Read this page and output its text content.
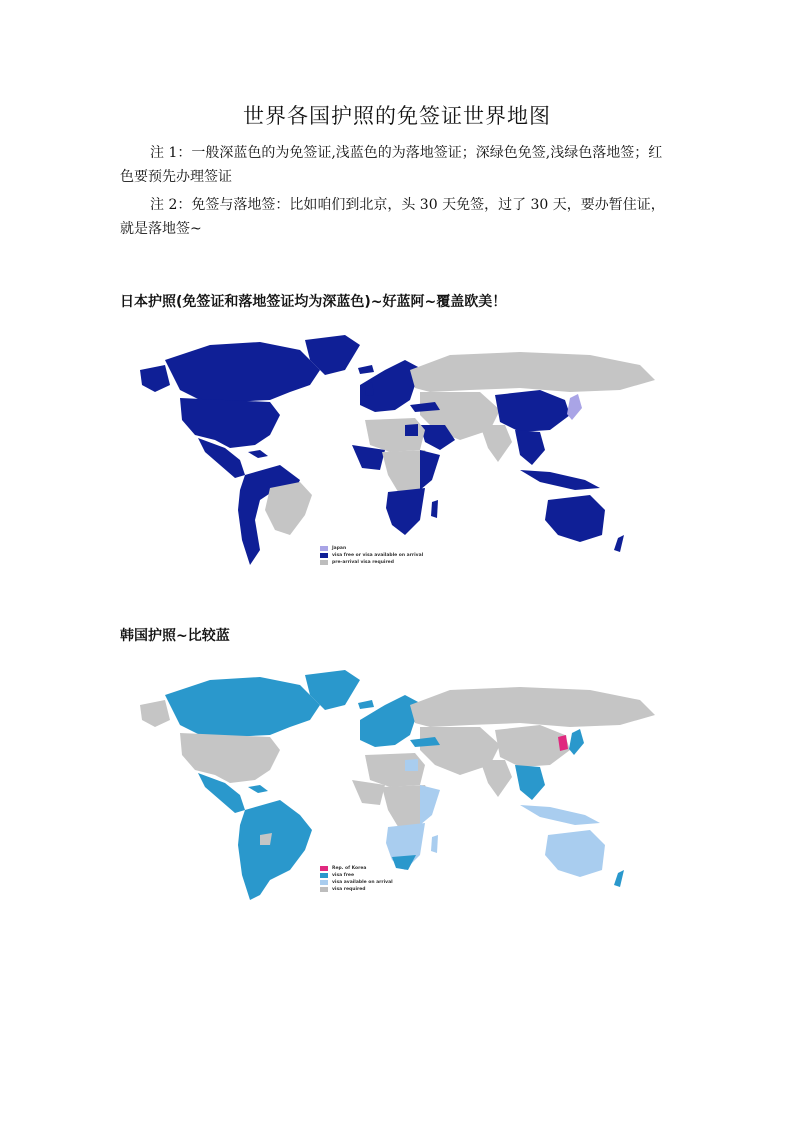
世界各国护照的免签证世界地图
注 1：一般深蓝色的为免签证,浅蓝色的为落地签证；深绿色免签,浅绿色落地签；红色要预先办理签证
注 2：免签与落地签：比如咱们到北京，头 30 天免签，过了 30 天，要办暂住证，就是落地签~
日本护照(免签证和落地签证均为深蓝色)~好蓝阿~覆盖欧美！
Japan
visa free or visa available on arrival
pre-arrival visa required
韩国护照~比较蓝
Rep. of Korea
visa free
visa available on arrival
visa required
